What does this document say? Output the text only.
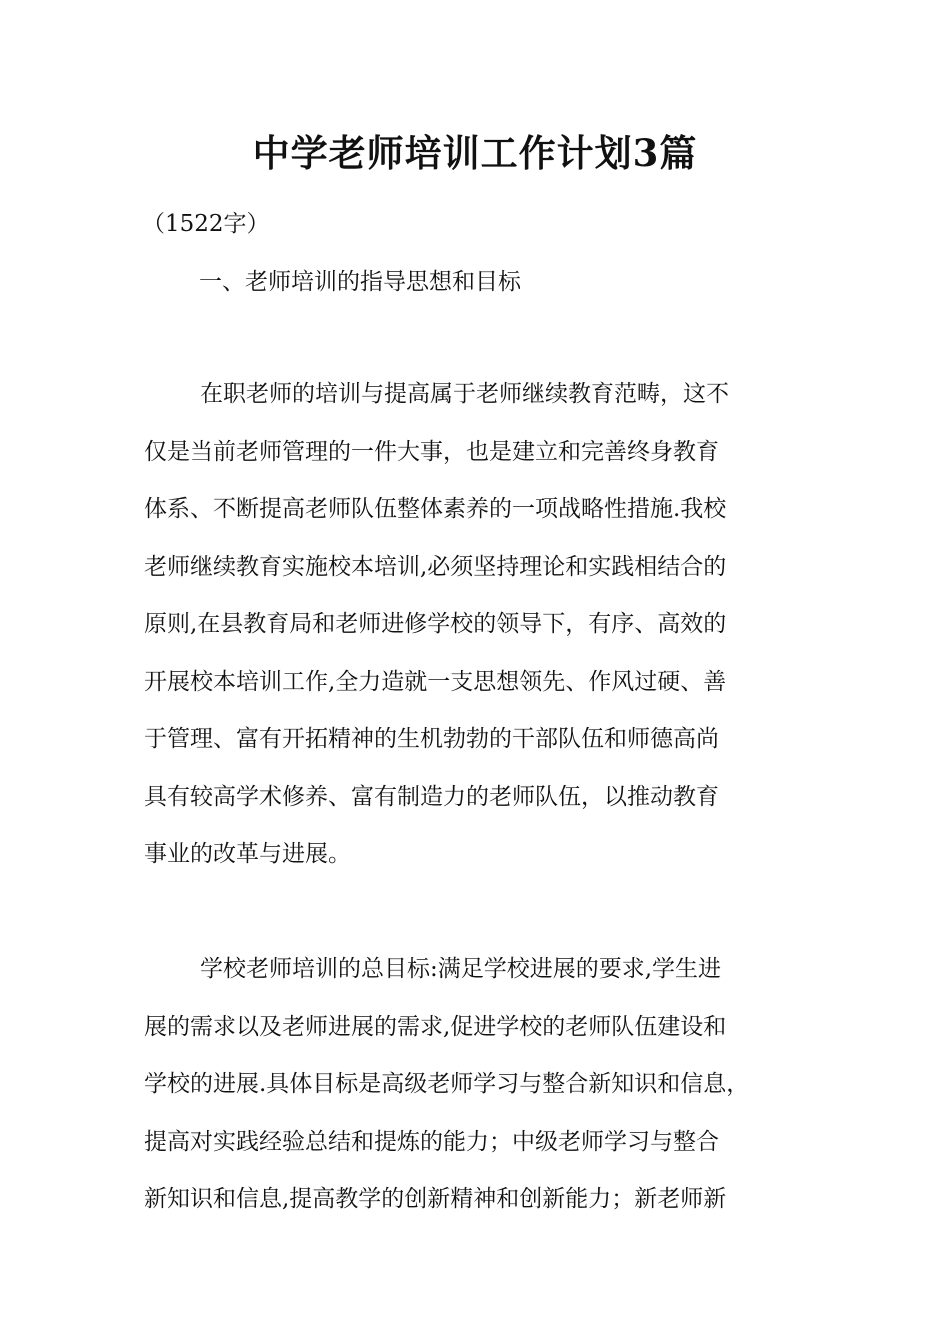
中学老师培训工作计划3篇
（1522字）
一、老师培训的指导思想和目标

在职老师的培训与提高属于老师继续教育范畴，这不
仅是当前老师管理的一件大事，也是建立和完善终身教育
体系、不断提高老师队伍整体素养的一项战略性措施.我校
老师继续教育实施校本培训,必须坚持理论和实践相结合的
原则,在县教育局和老师进修学校的领导下，有序、高效的
开展校本培训工作,全力造就一支思想领先、作风过硬、善
于管理、富有开拓精神的生机勃勃的干部队伍和师德高尚
具有较高学术修养、富有制造力的老师队伍，以推动教育
事业的改革与进展。

学校老师培训的总目标:满足学校进展的要求,学生进
展的需求以及老师进展的需求,促进学校的老师队伍建设和
学校的进展.具体目标是高级老师学习与整合新知识和信息，
提高对实践经验总结和提炼的能力；中级老师学习与整合
新知识和信息,提高教学的创新精神和创新能力；新老师新
